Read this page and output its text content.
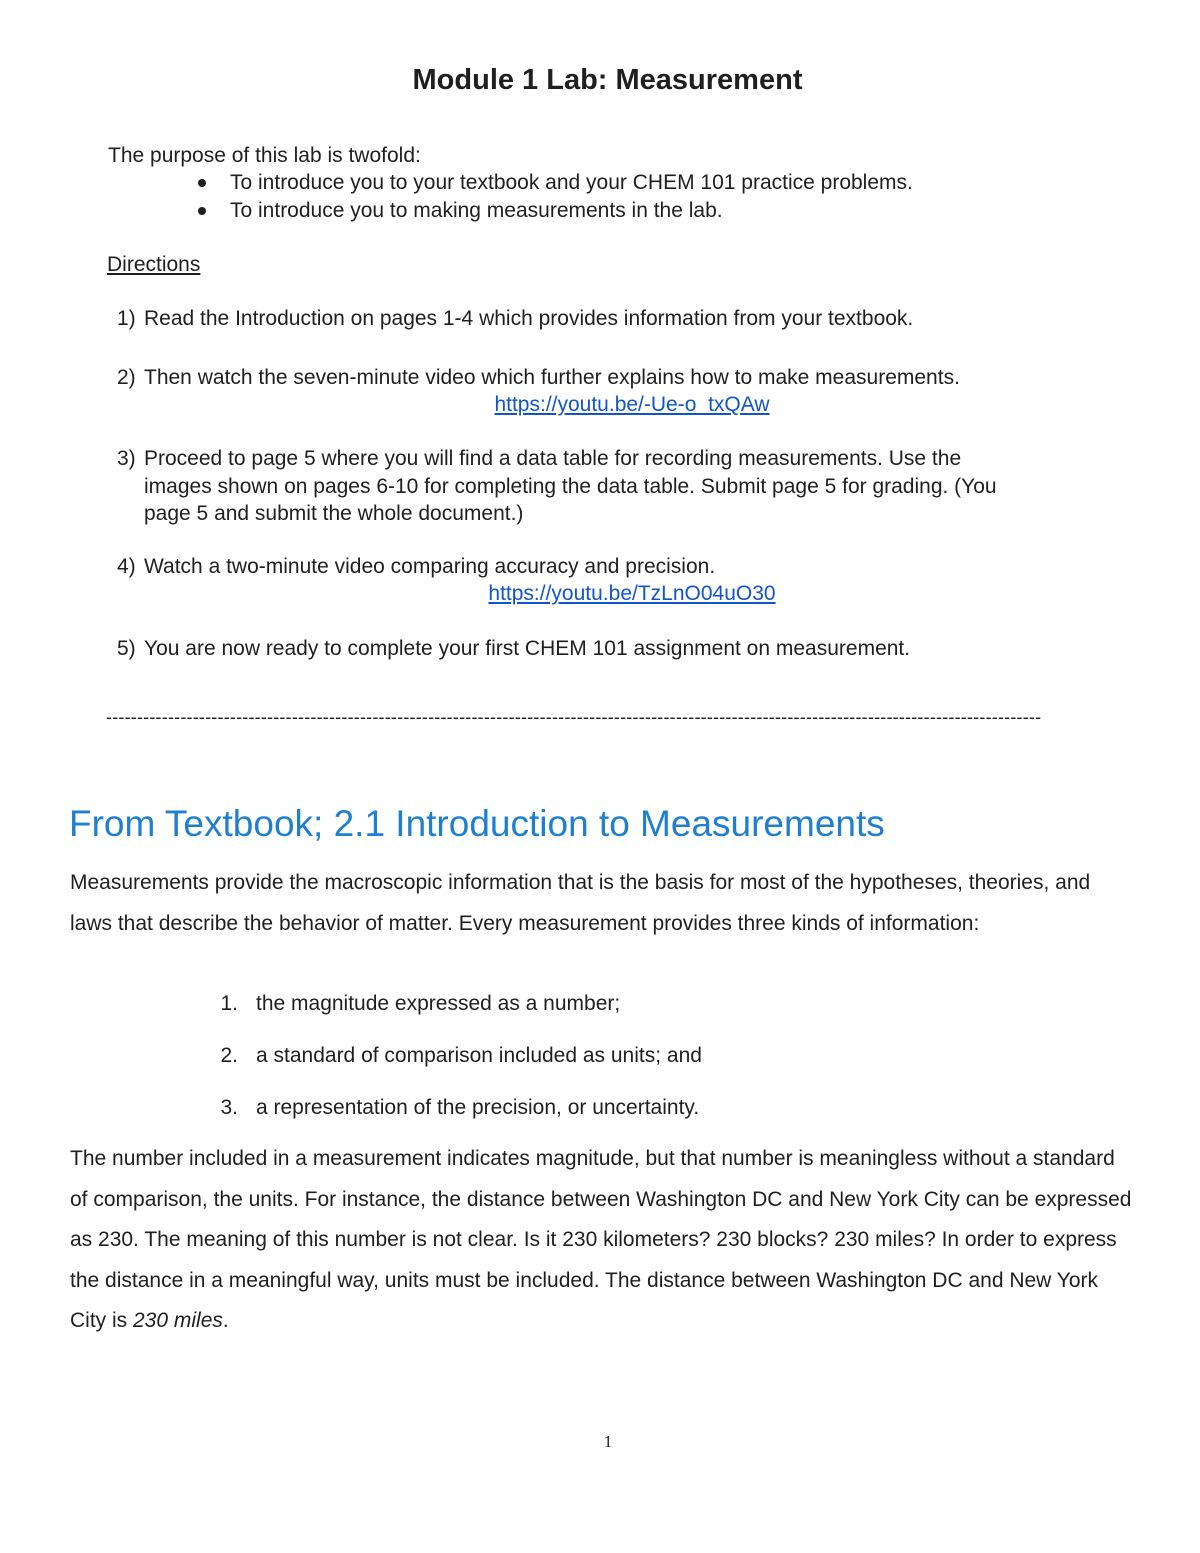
Module 1 Lab: Measurement
The purpose of this lab is twofold:
To introduce you to your textbook and your CHEM 101 practice problems.
To introduce you to making measurements in the lab.
Directions
1) Read the Introduction on pages 1-4 which provides information from your textbook.
2) Then watch the seven-minute video which further explains how to make measurements.
https://youtu.be/-Ue-o_txQAw
3) Proceed to page 5 where you will find a data table for recording measurements. Use the
images shown on pages 6-10 for completing the data table. Submit page 5 for grading. (You
page 5 and submit the whole document.)
4) Watch a two-minute video comparing accuracy and precision.
https://youtu.be/TzLnO04uO30
5) You are now ready to complete your first CHEM 101 assignment on measurement.
-------------------------------------------------------------------------------------------------------------------------------------------------------
From Textbook; 2.1 Introduction to Measurements
Measurements provide the macroscopic information that is the basis for most of the hypotheses, theories, and laws that describe the behavior of matter. Every measurement provides three kinds of information:
1. the magnitude expressed as a number;
2. a standard of comparison included as units; and
3. a representation of the precision, or uncertainty.
The number included in a measurement indicates magnitude, but that number is meaningless without a standard of comparison, the units. For instance, the distance between Washington DC and New York City can be expressed as 230. The meaning of this number is not clear. Is it 230 kilometers? 230 blocks? 230 miles? In order to express the distance in a meaningful way, units must be included. The distance between Washington DC and New York City is 230 miles.
1
